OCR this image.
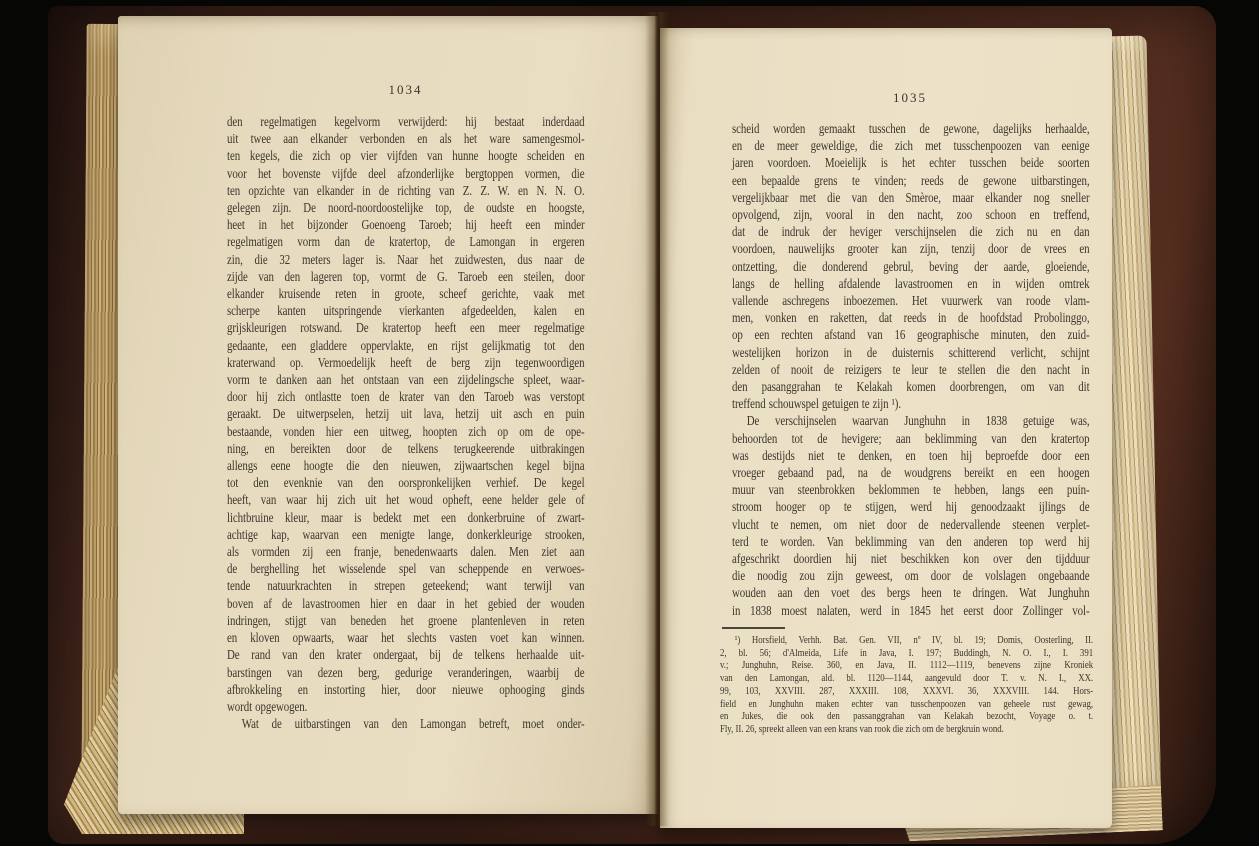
1034
1035
den regelmatigen kegelvorm verwijderd: hij bestaat inderdaad
uit twee aan elkander verbonden en als het ware samengesmol-
ten kegels, die zich op vier vijfden van hunne hoogte scheiden en
voor het bovenste vijfde deel afzonderlijke bergtoppen vormen, die
ten opzichte van elkander in de richting van Z. Z. W. en N. N. O.
gelegen zijn. De noord-noordoostelijke top, de oudste en hoogste,
heet in het bijzonder Goenoeng Taroeb; hij heeft een minder
regelmatigen vorm dan de kratertop, de Lamongan in ergeren
zin, die 32 meters lager is. Naar het zuidwesten, dus naar de
zijde van den lageren top, vormt de G. Taroeb een steilen, door
elkander kruisende reten in groote, scheef gerichte, vaak met
scherpe kanten uitspringende vierkanten afgedeelden, kalen en
grijskleurigen rotswand. De kratertop heeft een meer regelmatige
gedaante, een gladdere oppervlakte, en rijst gelijkmatig tot den
kraterwand op. Vermoedelijk heeft de berg zijn tegenwoordigen
vorm te danken aan het ontstaan van een zijdelingsche spleet, waar-
door hij zich ontlastte toen de krater van den Taroeb was verstopt
geraakt. De uitwerpselen, hetzij uit lava, hetzij uit asch en puin
bestaande, vonden hier een uitweg, hoopten zich op om de ope-
ning, en bereikten door de telkens terugkeerende uitbrakingen
allengs eene hoogte die den nieuwen, zijwaartschen kegel bijna
tot den evenknie van den oorspronkelijken verhief. De kegel
heeft, van waar hij zich uit het woud opheft, eene helder gele of
lichtbruine kleur, maar is bedekt met een donkerbruine of zwart-
achtige kap, waarvan een menigte lange, donkerkleurige strooken,
als vormden zij een franje, benedenwaarts dalen. Men ziet aan
de berghelling het wisselende spel van scheppende en verwoes-
tende natuurkrachten in strepen geteekend; want terwijl van
boven af de lavastroomen hier en daar in het gebied der wouden
indringen, stijgt van beneden het groene plantenleven in reten
en kloven opwaarts, waar het slechts vasten voet kan winnen.
De rand van den krater ondergaat, bij de telkens herhaalde uit-
barstingen van dezen berg, gedurige veranderingen, waarbij de
afbrokkeling en instorting hier, door nieuwe ophooging ginds
wordt opgewogen.
Wat de uitbarstingen van den Lamongan betreft, moet onder-
scheid worden gemaakt tusschen de gewone, dagelijks herhaalde,
en de meer geweldige, die zich met tusschenpoozen van eenige
jaren voordoen. Moeielijk is het echter tusschen beide soorten
een bepaalde grens te vinden; reeds de gewone uitbarstingen,
vergelijkbaar met die van den Smèroe, maar elkander nog sneller
opvolgend, zijn, vooral in den nacht, zoo schoon en treffend,
dat de indruk der heviger verschijnselen die zich nu en dan
voordoen, nauwelijks grooter kan zijn, tenzij door de vrees en
ontzetting, die donderend gebrul, beving der aarde, gloeiende,
langs de helling afdalende lavastroomen en in wijden omtrek
vallende aschregens inboezemen. Het vuurwerk van roode vlam-
men, vonken en raketten, dat reeds in de hoofdstad Probolinggo,
op een rechten afstand van 16 geographische minuten, den zuid-
westelijken horizon in de duisternis schitterend verlicht, schijnt
zelden of nooit de reizigers te leur te stellen die den nacht in
den pasanggrahan te Kelakah komen doorbrengen, om van dit
treffend schouwspel getuigen te zijn ¹).
De verschijnselen waarvan Junghuhn in 1838 getuige was,
behoorden tot de hevigere; aan beklimming van den kratertop
was destijds niet te denken, en toen hij beproefde door een
vroeger gebaand pad, na de woudgrens bereikt en een hoogen
muur van steenbrokken beklommen te hebben, langs een puin-
stroom hooger op te stijgen, werd hij genoodzaakt ijlings de
vlucht te nemen, om niet door de nedervallende steenen verplet-
terd te worden. Van beklimming van den anderen top werd hij
afgeschrikt doordien hij niet beschikken kon over den tijdduur
die noodig zou zijn geweest, om door de volslagen ongebaande
wouden aan den voet des bergs heen te dringen. Wat Junghuhn
in 1838 moest nalaten, werd in 1845 het eerst door Zollinger vol-
¹) Horsfield, Verhh. Bat. Gen. VII, nº IV, bl. 19; Domis, Oosterling, II.
2, bl. 56; d'Almeida, Life in Java, I. 197; Buddingh, N. O. I., I. 391
v.; Junghuhn, Reise. 360, en Java, II. 1112—1119, benevens zijne Kroniek
van den Lamongan, ald. bl. 1120—1144, aangevuld door T. v. N. I., XX.
99, 103, XXVIII. 287, XXXIII. 108, XXXVI. 36, XXXVIII. 144. Hors-
field en Junghuhn maken echter van tusschenpoozen van geheele rust gewag,
en Jukes, die ook den passanggrahan van Kelakah bezocht, Voyage o. t.
Fly, II. 26, spreekt alleen van een krans van rook die zich om de bergkruin wond.
